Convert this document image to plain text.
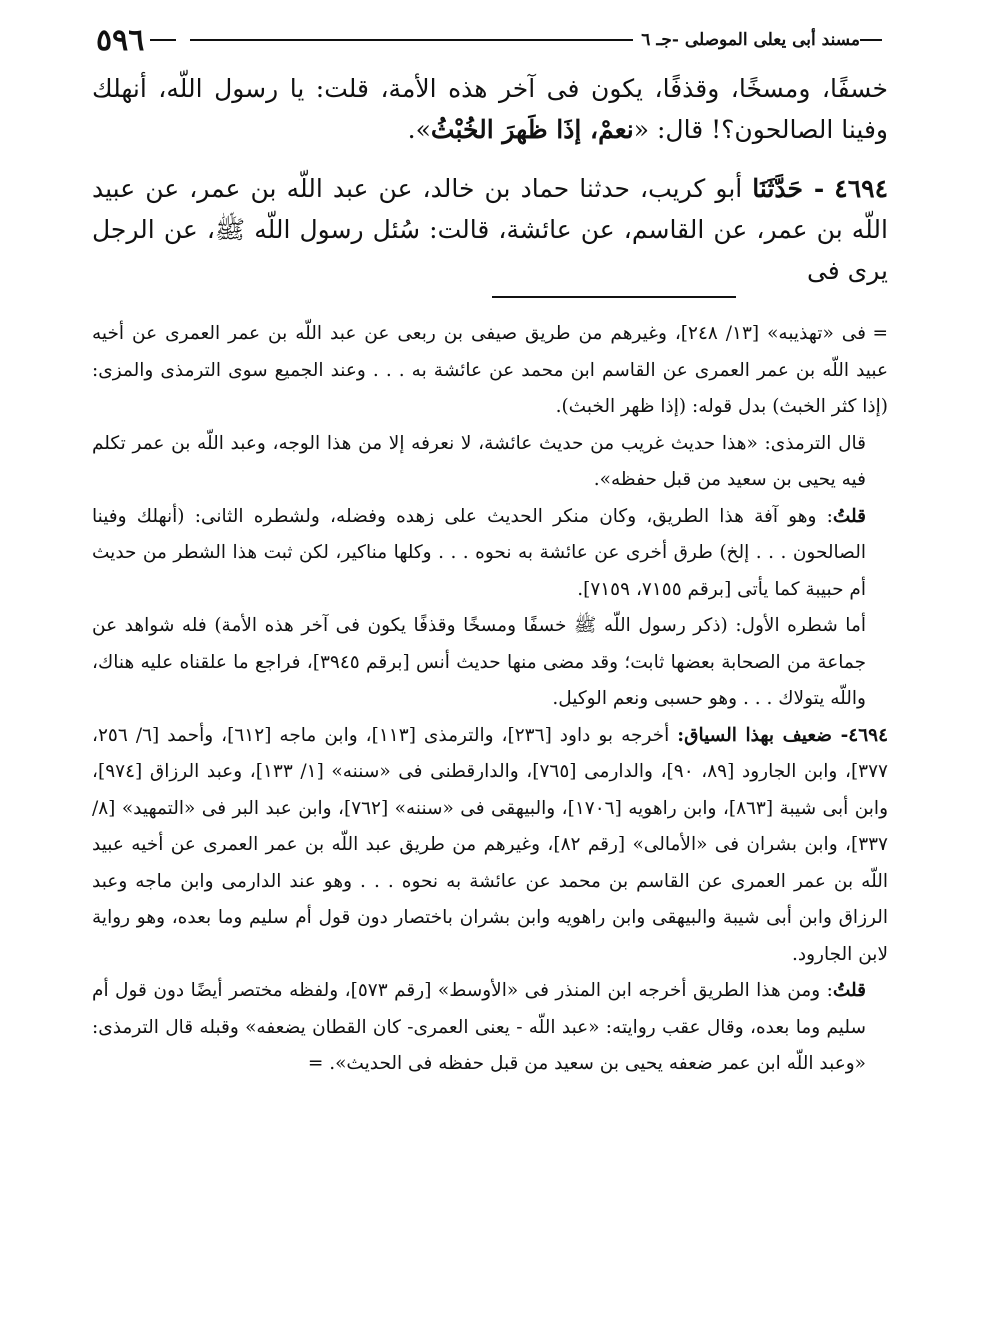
٥٩٦	مسند أبى يعلى الموصلى -جـ ٦

خسفًا، ومسخًا، وقذفًا، يكون فى آخر هذه الأمة، قلت: يا رسول اللّه، أنهلك وفينا الصالحون؟! قال: «نعمْ، إذَا ظَهرَ الخُبْثُ».

٤٦٩٤ - حَدَّثَنَا أبو كريب، حدثنا حماد بن خالد، عن عبد اللّه بن عمر، عن عبيد اللّه بن عمر، عن القاسم، عن عائشة، قالت: سُئل رسول اللّه ﷺ، عن الرجل يرى فى

=فى «تهذيبه» [١٣/ ٢٤٨]، وغيرهم من طريق صيفى بن ربعى عن عبد اللّه بن عمر العمرى عن أخيه عبيد اللّه بن عمر العمرى عن القاسم ابن محمد عن عائشة به . . . وعند الجميع سوى الترمذى والمزى: (إذا كثر الخبث) بدل قوله: (إذا ظهر الخبث).

قال الترمذى: «هذا حديث غريب من حديث عائشة، لا نعرفه إلا من هذا الوجه، وعبد اللّه بن عمر تكلم فيه يحيى بن سعيد من قبل حفظه».

قلتُ: وهو آفة هذا الطريق، وكان منكر الحديث على زهده وفضله، ولشطره الثانى: (أنهلك وفينا الصالحون . . . إلخ) طرق أخرى عن عائشة به نحوه . . . وكلها مناكير، لكن ثبت هذا الشطر من حديث أم حبيبة كما يأتى [برقم ٧١٥٥، ٧١٥٩].

أما شطره الأول: (ذكر رسول اللّه ﷺ خسفًا ومسخًا وقذفًا يكون فى آخر هذه الأمة) فله شواهد عن جماعة من الصحابة بعضها ثابت؛ وقد مضى منها حديث أنس [برقم ٣٩٤٥]، فراجع ما علقناه عليه هناك، واللّه يتولاك . . . وهو حسبى ونعم الوكيل.

٤٦٩٤- ضعيف بهذا السياق: أخرجه بو داود [٢٣٦]، والترمذى [١١٣]، وابن ماجه [٦١٢]، وأحمد [٦/ ٢٥٦، ٣٧٧]، وابن الجارود [٨٩، ٩٠]، والدارمى [٧٦٥]، والدارقطنى فى «سننه» [١/ ١٣٣]، وعبد الرزاق [٩٧٤]، وابن أبى شيبة [٨٦٣]، وابن راهويه [١٧٠٦]، والبيهقى فى «سننه» [٧٦٢]، وابن عبد البر فى «التمهيد» [٨/ ٣٣٧]، وابن بشران فى «الأمالى» [رقم ٨٢]، وغيرهم من طريق عبد اللّه بن عمر العمرى عن أخيه عبيد اللّه بن عمر العمرى عن القاسم بن محمد عن عائشة به نحوه . . . وهو عند الدارمى وابن ماجه وعبد الرزاق وابن أبى شيبة والبيهقى وابن راهويه وابن بشران باختصار دون قول أم سليم وما بعده، وهو رواية لابن الجارود.

قلتُ: ومن هذا الطريق أخرجه ابن المنذر فى «الأوسط» [رقم ٥٧٣]، ولفظه مختصر أيضًا دون قول أم سليم وما بعده، وقال عقب روايته: «عبد اللّه - يعنى العمرى- كان القطان يضعفه» وقبله قال الترمذى: «وعبد اللّه ابن عمر ضعفه يحيى بن سعيد من قبل حفظه فى الحديث». =
